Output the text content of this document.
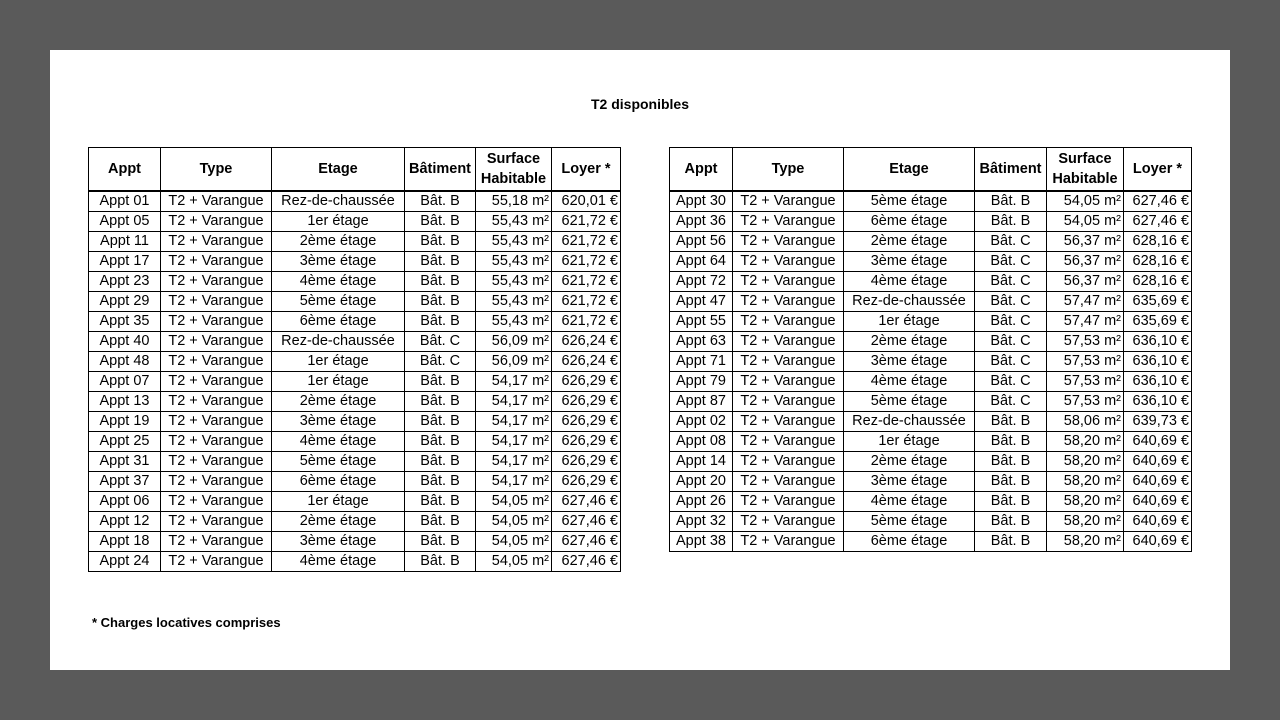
T2 disponibles
Appt	Type	Etage	Bâtiment	Surface
Habitable	Loyer *
Appt 01	T2 + Varangue	Rez-de-chaussée	Bât. B	55,18 m²	620,01 €
Appt 05	T2 + Varangue	1er étage	Bât. B	55,43 m²	621,72 €
Appt 11	T2 + Varangue	2ème étage	Bât. B	55,43 m²	621,72 €
Appt 17	T2 + Varangue	3ème étage	Bât. B	55,43 m²	621,72 €
Appt 23	T2 + Varangue	4ème étage	Bât. B	55,43 m²	621,72 €
Appt 29	T2 + Varangue	5ème étage	Bât. B	55,43 m²	621,72 €
Appt 35	T2 + Varangue	6ème étage	Bât. B	55,43 m²	621,72 €
Appt 40	T2 + Varangue	Rez-de-chaussée	Bât. C	56,09 m²	626,24 €
Appt 48	T2 + Varangue	1er étage	Bât. C	56,09 m²	626,24 €
Appt 07	T2 + Varangue	1er étage	Bât. B	54,17 m²	626,29 €
Appt 13	T2 + Varangue	2ème étage	Bât. B	54,17 m²	626,29 €
Appt 19	T2 + Varangue	3ème étage	Bât. B	54,17 m²	626,29 €
Appt 25	T2 + Varangue	4ème étage	Bât. B	54,17 m²	626,29 €
Appt 31	T2 + Varangue	5ème étage	Bât. B	54,17 m²	626,29 €
Appt 37	T2 + Varangue	6ème étage	Bât. B	54,17 m²	626,29 €
Appt 06	T2 + Varangue	1er étage	Bât. B	54,05 m²	627,46 €
Appt 12	T2 + Varangue	2ème étage	Bât. B	54,05 m²	627,46 €
Appt 18	T2 + Varangue	3ème étage	Bât. B	54,05 m²	627,46 €
Appt 24	T2 + Varangue	4ème étage	Bât. B	54,05 m²	627,46 €
Appt	Type	Etage	Bâtiment	Surface
Habitable	Loyer *
Appt 30	T2 + Varangue	5ème étage	Bât. B	54,05 m²	627,46 €
Appt 36	T2 + Varangue	6ème étage	Bât. B	54,05 m²	627,46 €
Appt 56	T2 + Varangue	2ème étage	Bât. C	56,37 m²	628,16 €
Appt 64	T2 + Varangue	3ème étage	Bât. C	56,37 m²	628,16 €
Appt 72	T2 + Varangue	4ème étage	Bât. C	56,37 m²	628,16 €
Appt 47	T2 + Varangue	Rez-de-chaussée	Bât. C	57,47 m²	635,69 €
Appt 55	T2 + Varangue	1er étage	Bât. C	57,47 m²	635,69 €
Appt 63	T2 + Varangue	2ème étage	Bât. C	57,53 m²	636,10 €
Appt 71	T2 + Varangue	3ème étage	Bât. C	57,53 m²	636,10 €
Appt 79	T2 + Varangue	4ème étage	Bât. C	57,53 m²	636,10 €
Appt 87	T2 + Varangue	5ème étage	Bât. C	57,53 m²	636,10 €
Appt 02	T2 + Varangue	Rez-de-chaussée	Bât. B	58,06 m²	639,73 €
Appt 08	T2 + Varangue	1er étage	Bât. B	58,20 m²	640,69 €
Appt 14	T2 + Varangue	2ème étage	Bât. B	58,20 m²	640,69 €
Appt 20	T2 + Varangue	3ème étage	Bât. B	58,20 m²	640,69 €
Appt 26	T2 + Varangue	4ème étage	Bât. B	58,20 m²	640,69 €
Appt 32	T2 + Varangue	5ème étage	Bât. B	58,20 m²	640,69 €
Appt 38	T2 + Varangue	6ème étage	Bât. B	58,20 m²	640,69 €
* Charges locatives comprises
